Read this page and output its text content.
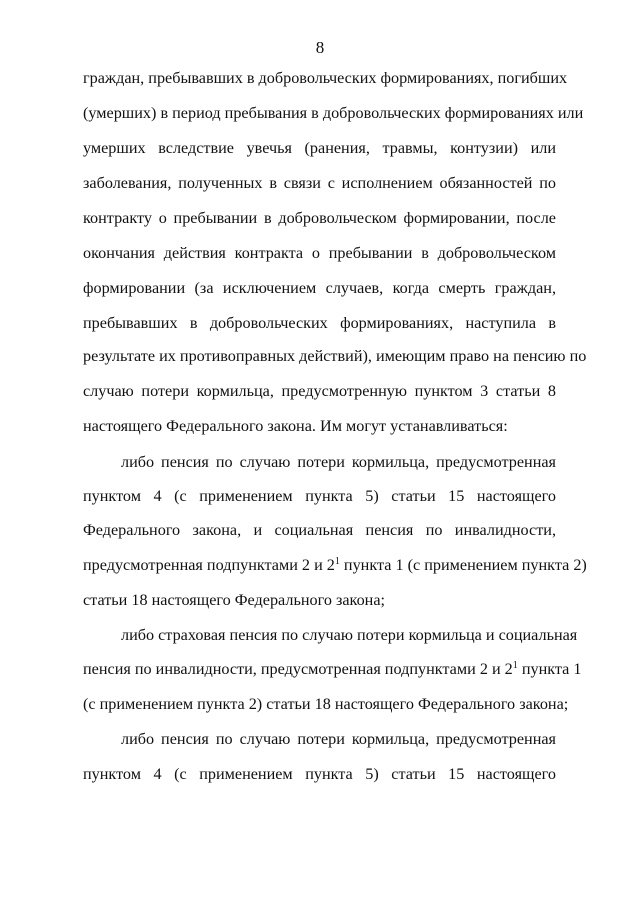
8
граждан, пребывавших в добровольческих формированиях, погибших
(умерших) в период пребывания в добровольческих формированиях или
умерших вследствие увечья (ранения, травмы, контузии) или
заболевания, полученных в связи с исполнением обязанностей по
контракту о пребывании в добровольческом формировании, после
окончания действия контракта о пребывании в добровольческом
формировании (за исключением случаев, когда смерть граждан,
пребывавших в добровольческих формированиях, наступила в
результате их противоправных действий), имеющим право на пенсию по
случаю потери кормильца, предусмотренную пунктом 3 статьи 8
настоящего Федерального закона. Им могут устанавливаться:
либо пенсия по случаю потери кормильца, предусмотренная
пунктом 4 (с применением пункта 5) статьи 15 настоящего
Федерального закона, и социальная пенсия по инвалидности,
предусмотренная подпунктами 2 и $2^1$ пункта 1 (с применением пункта 2)
статьи 18 настоящего Федерального закона;
либо страховая пенсия по случаю потери кормильца и социальная
пенсия по инвалидности, предусмотренная подпунктами 2 и $2^1$ пункта 1
(с применением пункта 2) статьи 18 настоящего Федерального закона;
либо пенсия по случаю потери кормильца, предусмотренная
пунктом 4 (с применением пункта 5) статьи 15 настоящего
